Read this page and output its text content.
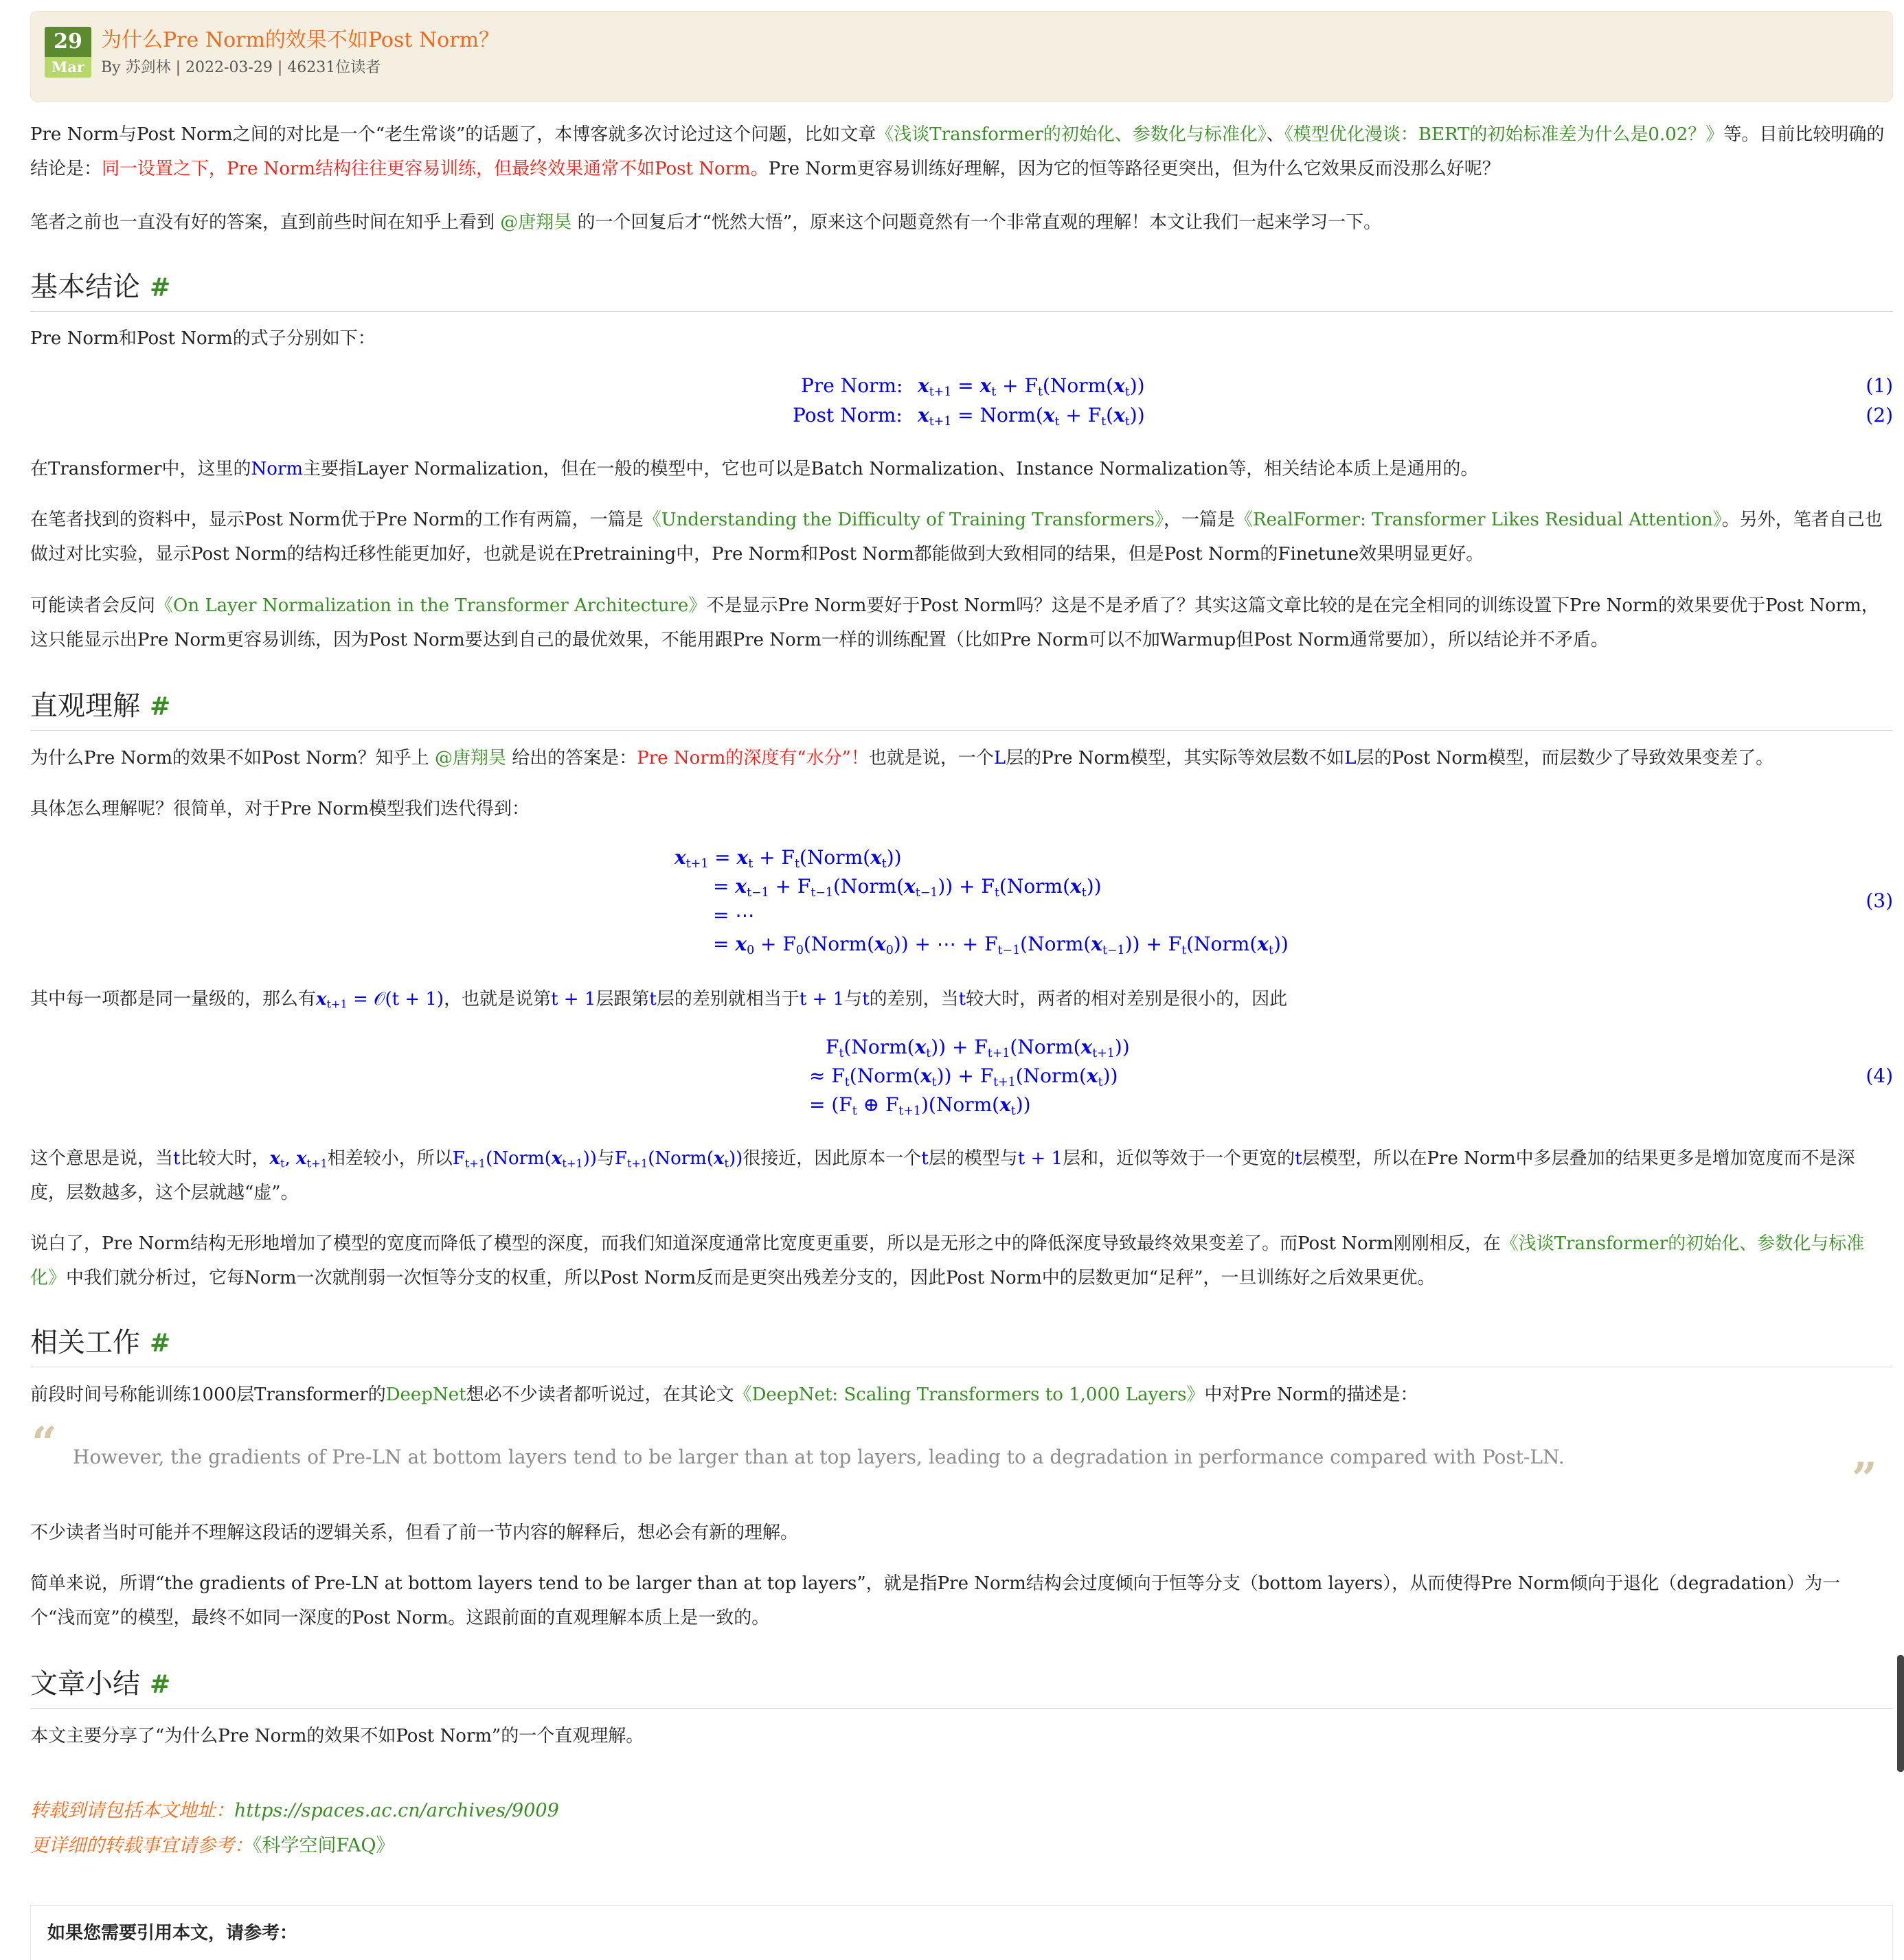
29
Mar
为什么Pre Norm的效果不如Post Norm？
By 苏剑林 | 2022-03-29 | 46231位读者

Pre Norm与Post Norm之间的对比是一个“老生常谈”的话题了，本博客就多次讨论过这个问题，比如文章《浅谈Transformer的初始化、参数化与标准化》、《模型优化漫谈：BERT的初始标准差为什么是0.02？》等。目前比较明确的结论是：同一设置之下，Pre Norm结构往往更容易训练，但最终效果通常不如Post Norm。Pre Norm更容易训练好理解，因为它的恒等路径更突出，但为什么它效果反而没那么好呢？

笔者之前也一直没有好的答案，直到前些时间在知乎上看到 @唐翔昊 的一个回复后才“恍然大悟”，原来这个问题竟然有一个非常直观的理解！本文让我们一起来学习一下。

基本结论 #

Pre Norm和Post Norm的式子分别如下：

Pre Norm: $x_{t+1} = x_t$ + $F_t(Norm(x_t))$	(1)
Post Norm: $x_{t+1}$ = $Norm(x_t + F_t(x_t))$	(2)

在Transformer中，这里的Norm主要指Layer Normalization，但在一般的模型中，它也可以是Batch Normalization、Instance Normalization等，相关结论本质上是通用的。

在笔者找到的资料中，显示Post Norm优于Pre Norm的工作有两篇，一篇是《Understanding the Difficulty of Training Transformers》，一篇是《RealFormer: Transformer Likes Residual Attention》。另外，笔者自己也做过对比实验，显示Post Norm的结构迁移性能更加好，也就是说在Pretraining中，Pre Norm和Post Norm都能做到大致相同的结果，但是Post Norm的Finetune效果明显更好。

可能读者会反问《On Layer Normalization in the Transformer Architecture》不是显示Pre Norm要好于Post Norm吗？这是不是矛盾了？其实这篇文章比较的是在完全相同的训练设置下Pre Norm的效果要优于Post Norm，这只能显示出Pre Norm更容易训练，因为Post Norm要达到自己的最优效果，不能用跟Pre Norm一样的训练配置（比如Pre Norm可以不加Warmup但Post Norm通常要加），所以结论并不矛盾。

直观理解 #

为什么Pre Norm的效果不如Post Norm？知乎上 @唐翔昊 给出的答案是：Pre Norm的深度有“水分”！也就是说，一个L层的Pre Norm模型，其实际等效层数不如L层的Post Norm模型，而层数少了导致效果变差了。

具体怎么理解呢？很简单，对于Pre Norm模型我们迭代得到：

$x_{t+1} = x_t$ + $F_t(Norm(x_t))$
= $x_{t-1}$ + $F_{t-1}(Norm(x_{t-1}))$ + $F_t(Norm(x_t))$
= ⋯
= $x_0$ + $F_0(Norm(x_0))$ + ⋯ + $F_{t-1}(Norm(x_{t-1}))$ + $F_t(Norm(x_t))$
(3)

其中每一项都是同一量级的，那么有$x_{t+1}$ = 𝒪(t + 1)，也就是说第t + 1层跟第t层的差别就相当于t + 1与t的差别，当t较大时，两者的相对差别是很小的，因此

$F_t(Norm(x_t))$ + $F_{t+1}(Norm(x_{t+1}))$
≈ $F_t(Norm(x_t))$ + $F_{t+1}(Norm(x_t))$
= ($F_t$ ⊕ $F_{t+1})(Norm(x_t))$
(4)

这个意思是说，当t比较大时，$x_t$, $x_{t+1}$相差较小，所以$F_{t+1}(Norm(x_{t+1}))$与$F_{t+1}(Norm(x_t))$很接近，因此原本一个t层的模型与t + 1层和，近似等效于一个更宽的t层模型，所以在Pre Norm中多层叠加的结果更多是增加宽度而不是深度，层数越多，这个层就越“虚”。

说白了，Pre Norm结构无形地增加了模型的宽度而降低了模型的深度，而我们知道深度通常比宽度更重要，所以是无形之中的降低深度导致最终效果变差了。而Post Norm刚刚相反，在《浅谈Transformer的初始化、参数化与标准化》中我们就分析过，它每Norm一次就削弱一次恒等分支的权重，所以Post Norm反而是更突出残差分支的，因此Post Norm中的层数更加“足秤”，一旦训练好之后效果更优。

相关工作 #

前段时间号称能训练1000层Transformer的DeepNet想必不少读者都听说过，在其论文《DeepNet: Scaling Transformers to 1,000 Layers》中对Pre Norm的描述是：

“ However, the gradients of Pre-LN at bottom layers tend to be larger than at top layers, leading to a degradation in performance compared with Post-LN.	”

不少读者当时可能并不理解这段话的逻辑关系，但看了前一节内容的解释后，想必会有新的理解。

简单来说，所谓“the gradients of Pre-LN at bottom layers tend to be larger than at top layers”，就是指Pre Norm结构会过度倾向于恒等分支（bottom layers），从而使得Pre Norm倾向于退化（degradation）为一个“浅而宽”的模型，最终不如同一深度的Post Norm。这跟前面的直观理解本质上是一致的。

文章小结 #

本文主要分享了“为什么Pre Norm的效果不如Post Norm”的一个直观理解。

转载到请包括本文地址：https://spaces.ac.cn/archives/9009
更详细的转载事宜请参考：《科学空间FAQ》
如果您需要引用本文，请参考：
